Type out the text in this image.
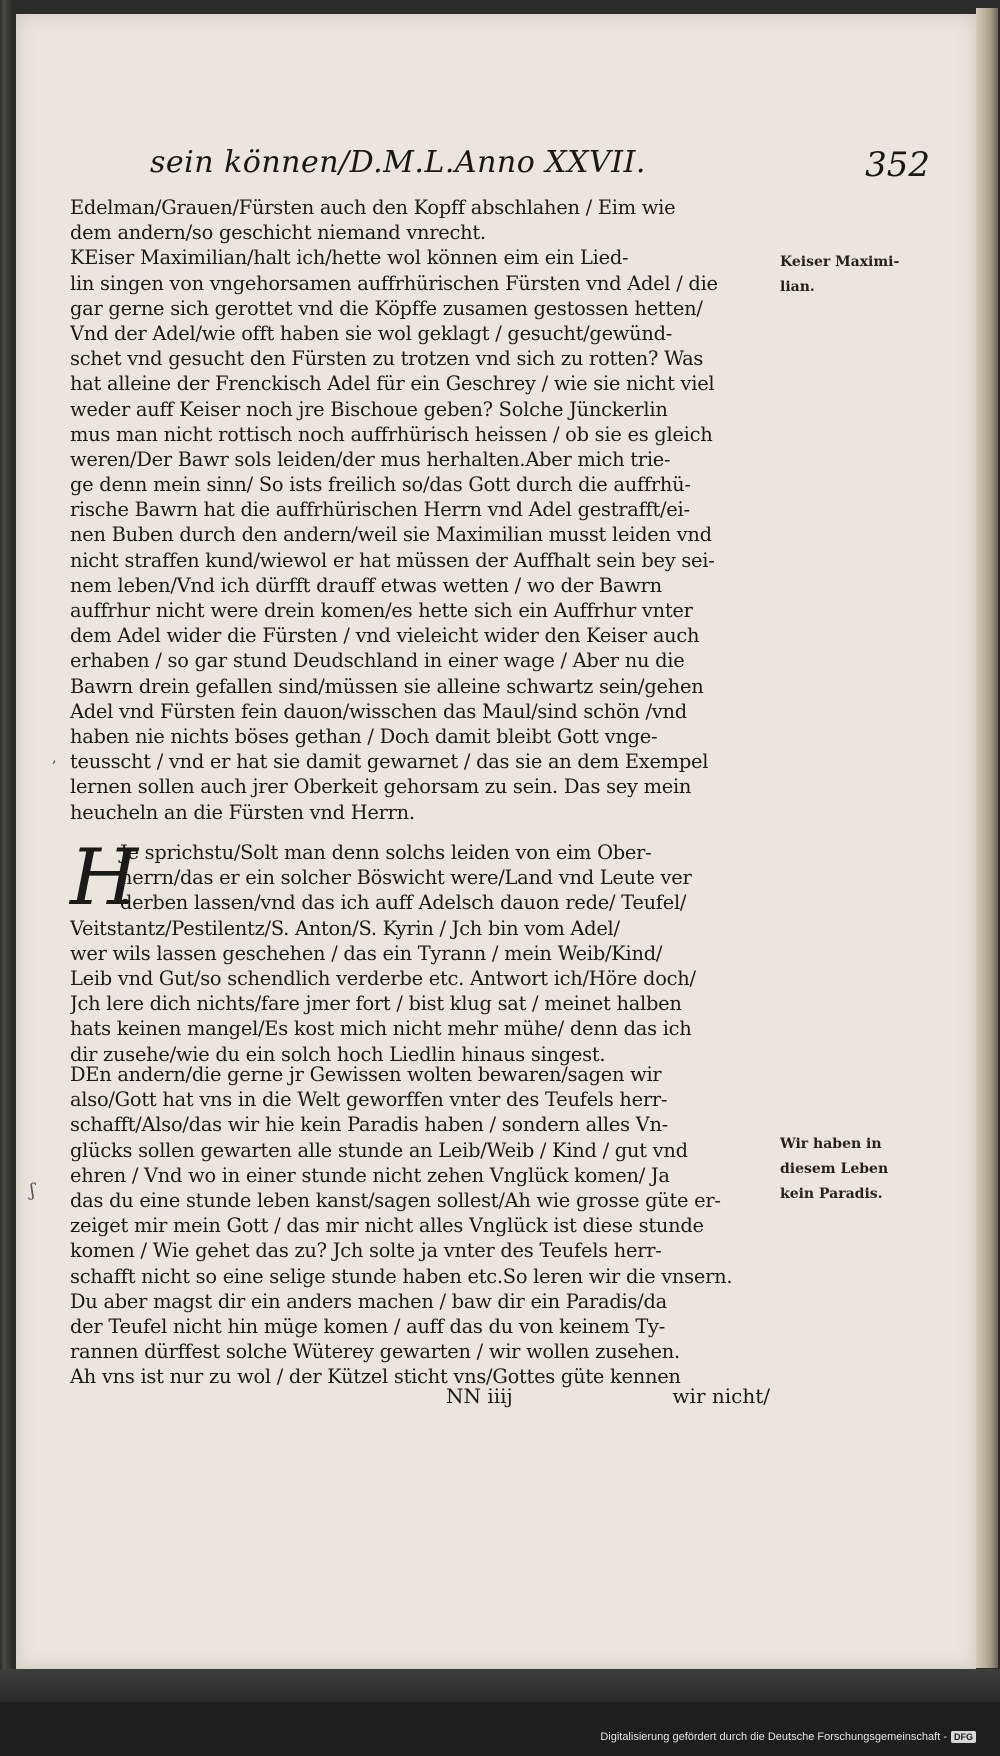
sein können/D.M.L.Anno XXVII.	352
Edelman/Grauen/Fürsten auch den Kopff abschlahen / Eim wie
dem andern/so geschicht niemand vnrecht.
KEiser Maximilian/halt ich/hette wol können eim ein Lied-
lin singen von vngehorsamen auffrhürischen Fürsten vnd Adel / die
gar gerne sich gerottet vnd die Köpffe zusamen gestossen hetten/
Vnd der Adel/wie offt haben sie wol geklagt / gesucht/gewünd-
schet vnd gesucht den Fürsten zu trotzen vnd sich zu rotten? Was
hat alleine der Frenckisch Adel für ein Geschrey / wie sie nicht viel
weder auff Keiser noch jre Bischoue geben? Solche Jünckerlin
mus man nicht rottisch noch auffrhürisch heissen / ob sie es gleich
weren/Der Bawr sols leiden/der mus herhalten.Aber mich trie-
ge denn mein sinn/ So ists freilich so/das Gott durch die auffrhü-
rische Bawrn hat die auffrhürischen Herrn vnd Adel gestrafft/ei-
nen Buben durch den andern/weil sie Maximilian musst leiden vnd
nicht straffen kund/wiewol er hat müssen der Auffhalt sein bey sei-
nem leben/Vnd ich dürfft drauff etwas wetten / wo der Bawrn
auffrhur nicht were drein komen/es hette sich ein Auffrhur vnter
dem Adel wider die Fürsten / vnd vieleicht wider den Keiser auch
erhaben / so gar stund Deudschland in einer wage / Aber nu die
Bawrn drein gefallen sind/müssen sie alleine schwartz sein/gehen
Adel vnd Fürsten fein dauon/wisschen das Maul/sind schön /vnd
haben nie nichts böses gethan / Doch damit bleibt Gott vnge-
teusscht / vnd er hat sie damit gewarnet / das sie an dem Exempel
lernen sollen auch jrer Oberkeit gehorsam zu sein. Das sey mein
heucheln an die Fürsten vnd Herrn.
H
Je sprichstu/Solt man denn solchs leiden von eim Ober-
herrn/das er ein solcher Böswicht were/Land vnd Leute ver
derben lassen/vnd das ich auff Adelsch dauon rede/ Teufel/
Veitstantz/Pestilentz/S. Anton/S. Kyrin / Jch bin vom Adel/
wer wils lassen geschehen / das ein Tyrann / mein Weib/Kind/
Leib vnd Gut/so schendlich verderbe etc. Antwort ich/Höre doch/
Jch lere dich nichts/fare jmer fort / bist klug sat / meinet halben
hats keinen mangel/Es kost mich nicht mehr mühe/ denn das ich
dir zusehe/wie du ein solch hoch Liedlin hinaus singest.
DEn andern/die gerne jr Gewissen wolten bewaren/sagen wir
also/Gott hat vns in die Welt geworffen vnter des Teufels herr-
schafft/Also/das wir hie kein Paradis haben / sondern alles Vn-
glücks sollen gewarten alle stunde an Leib/Weib / Kind / gut vnd
ehren / Vnd wo in einer stunde nicht zehen Vnglück komen/ Ja
das du eine stunde leben kanst/sagen sollest/Ah wie grosse güte er-
zeiget mir mein Gott / das mir nicht alles Vnglück ist diese stunde
komen / Wie gehet das zu? Jch solte ja vnter des Teufels herr-
schafft nicht so eine selige stunde haben etc.So leren wir die vnsern.
Du aber magst dir ein anders machen / baw dir ein Paradis/da
der Teufel nicht hin müge komen / auff das du von keinem Ty-
rannen dürffest solche Wüterey gewarten / wir wollen zusehen.
Ah vns ist nur zu wol / der Kützel sticht vns/Gottes güte kennen
Keiser Maximi-
lian.
Wir haben in
diesem Leben
kein Paradis.
‚
ʃ
NN iiij	wir nicht/
Digitalisierung gefördert durch die Deutsche Forschungsgemeinschaft - DFG
